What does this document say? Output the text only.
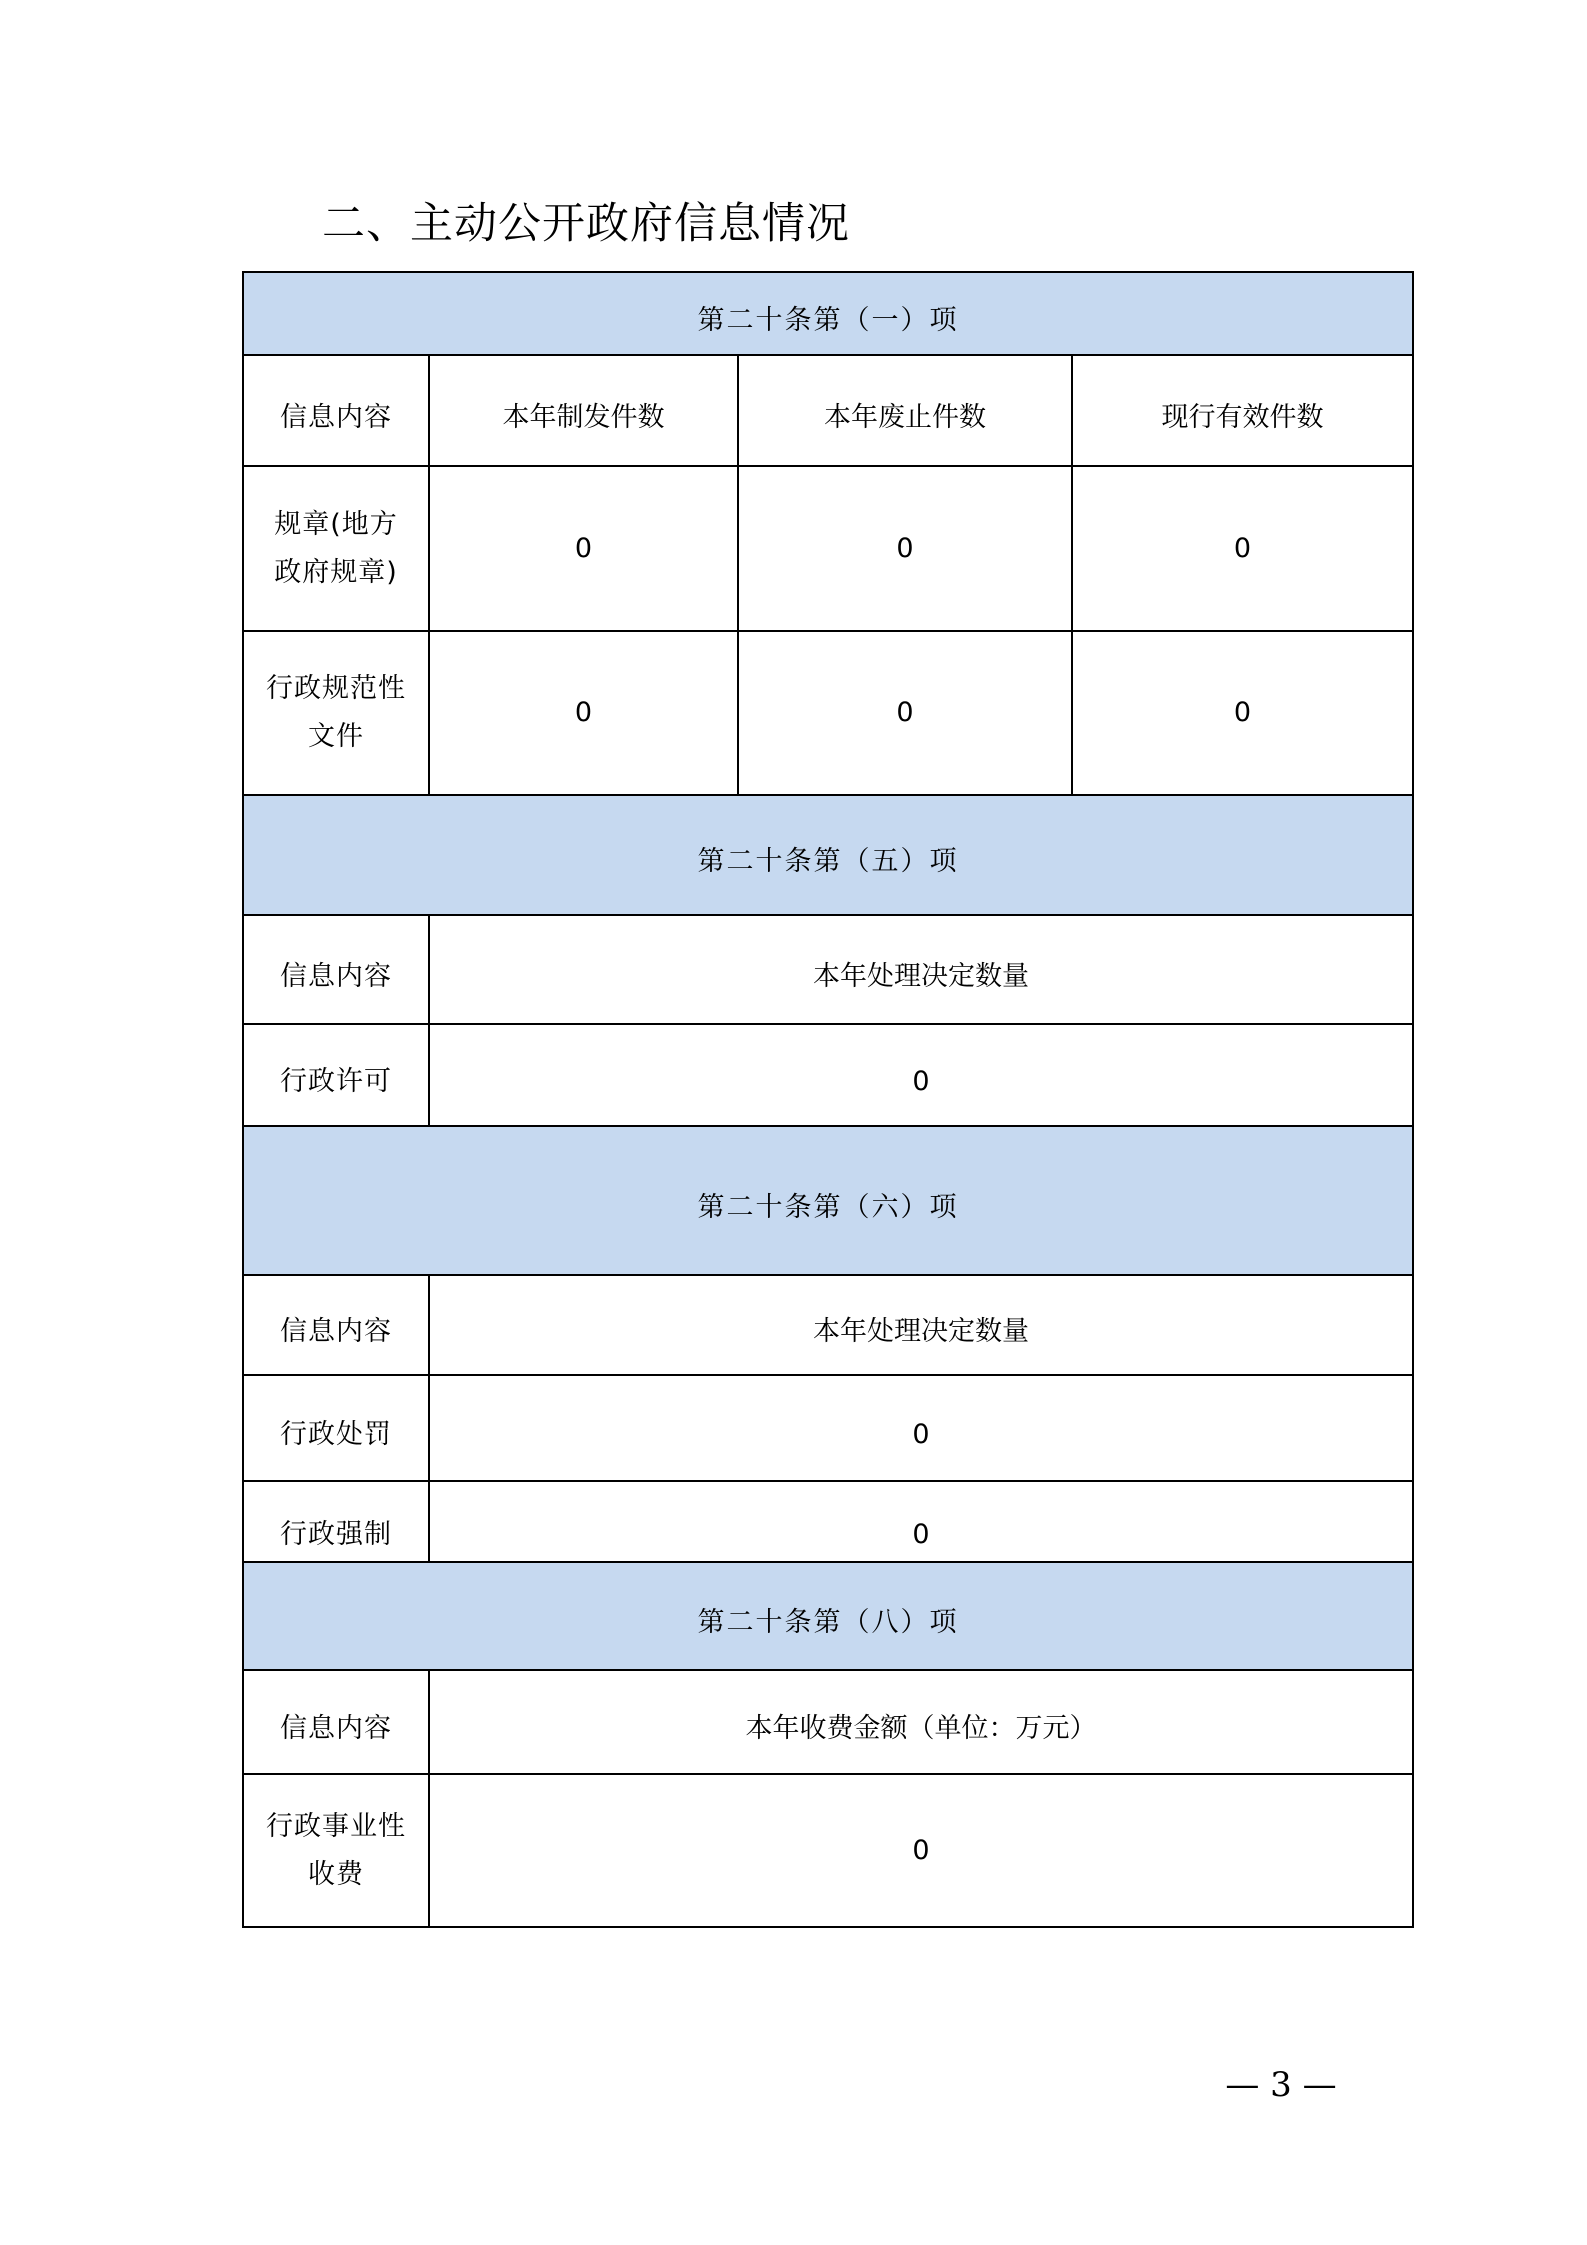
二、主动公开政府信息情况
第二十条第（一）项			
信息内容	本年制发件数	本年废止件数	现行有效件数

规章(地方
政府规章)	0	0	0

行政规范性
文件	0	0	0
第二十条第（五）项			
信息内容	本年处理决定数量		
行政许可	0		
第二十条第（六）项			
信息内容	本年处理决定数量		
行政处罚	0		
行政强制	0		
第二十条第（八）项			
信息内容	本年收费金额（单位：万元）		

行政事业性
收费	0		
— 3 —
